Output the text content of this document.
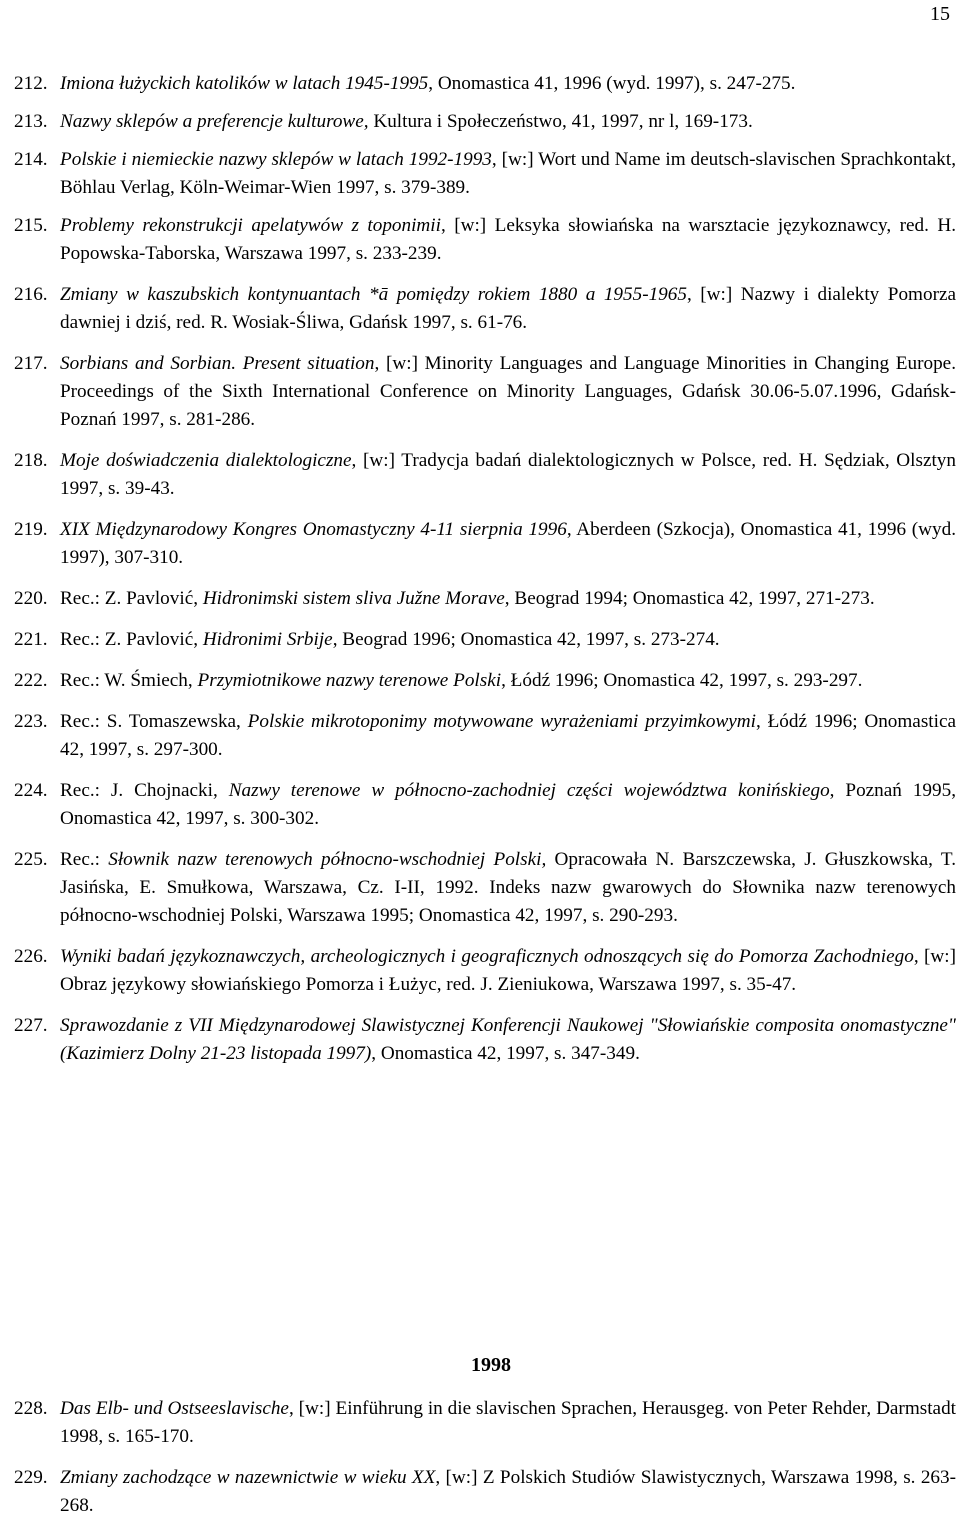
15
212. Imiona łużyckich katolików w latach 1945-1995, Onomastica 41, 1996 (wyd. 1997), s. 247-275.
213. Nazwy sklepów a preferencje kulturowe, Kultura i Społeczeństwo, 41, 1997, nr l, 169-173.
214. Polskie i niemieckie nazwy sklepów w latach 1992-1993, [w:] Wort und Name im deutsch-slavischen Sprachkontakt, Böhlau Verlag, Köln-Weimar-Wien 1997, s. 379-389.
215. Problemy rekonstrukcji apelatywów z toponimii, [w:] Leksyka słowiańska na warsztacie językoznawcy, red. H. Popowska-Taborska, Warszawa 1997, s. 233-239.
216. Zmiany w kaszubskich kontynuantach *ā pomiędzy rokiem 1880 a 1955-1965, [w:] Nazwy i dialekty Pomorza dawniej i dziś, red. R. Wosiak-Śliwa, Gdańsk 1997, s. 61-76.
217. Sorbians and Sorbian. Present situation, [w:] Minority Languages and Language Minorities in Changing Europe. Proceedings of the Sixth International Conference on Minority Languages, Gdańsk 30.06-5.07.1996, Gdańsk-Poznań 1997, s. 281-286.
218. Moje doświadczenia dialektologiczne, [w:] Tradycja badań dialektologicznych w Polsce, red. H. Sędziak, Olsztyn 1997, s. 39-43.
219. XIX Międzynarodowy Kongres Onomastyczny 4-11 sierpnia 1996, Aberdeen (Szkocja), Onomastica 41, 1996 (wyd. 1997), 307-310.
220. Rec.: Z. Pavlović, Hidronimski sistem sliva Južne Morave, Beograd 1994; Onomastica 42, 1997, 271-273.
221. Rec.: Z. Pavlović, Hidronimi Srbije, Beograd 1996; Onomastica 42, 1997, s. 273-274.
222. Rec.: W. Śmiech, Przymiotnikowe nazwy terenowe Polski, Łódź 1996; Onomastica 42, 1997, s. 293-297.
223. Rec.: S. Tomaszewska, Polskie mikrotoponimy motywowane wyrażeniami przyimkowymi, Łódź 1996; Onomastica 42, 1997, s. 297-300.
224. Rec.: J. Chojnacki, Nazwy terenowe w północno-zachodniej części województwa konińskiego, Poznań 1995, Onomastica 42, 1997, s. 300-302.
225. Rec.: Słownik nazw terenowych północno-wschodniej Polski, Opracowała N. Barszczewska, J. Głuszkowska, T. Jasińska, E. Smułkowa, Warszawa, Cz. I-II, 1992. Indeks nazw gwarowych do Słownika nazw terenowych północno-wschodniej Polski, Warszawa 1995; Onomastica 42, 1997, s. 290-293.
226. Wyniki badań językoznawczych, archeologicznych i geograficznych odnoszących się do Pomorza Zachodniego, [w:] Obraz językowy słowiańskiego Pomorza i Łużyc, red. J. Zieniukowa, Warszawa 1997, s. 35-47.
227. Sprawozdanie z VII Międzynarodowej Slawistycznej Konferencji Naukowej "Słowiańskie composita onomastyczne" (Kazimierz Dolny 21-23 listopada 1997), Onomastica 42, 1997, s. 347-349.
1998
228. Das Elb- und Ostseeslavische, [w:] Einführung in die slavischen Sprachen, Herausgeg. von Peter Rehder, Darmstadt 1998, s. 165-170.
229. Zmiany zachodzące w nazewnictwie w wieku XX, [w:] Z Polskich Studiów Slawistycznych, Warszawa 1998, s. 263-268.
